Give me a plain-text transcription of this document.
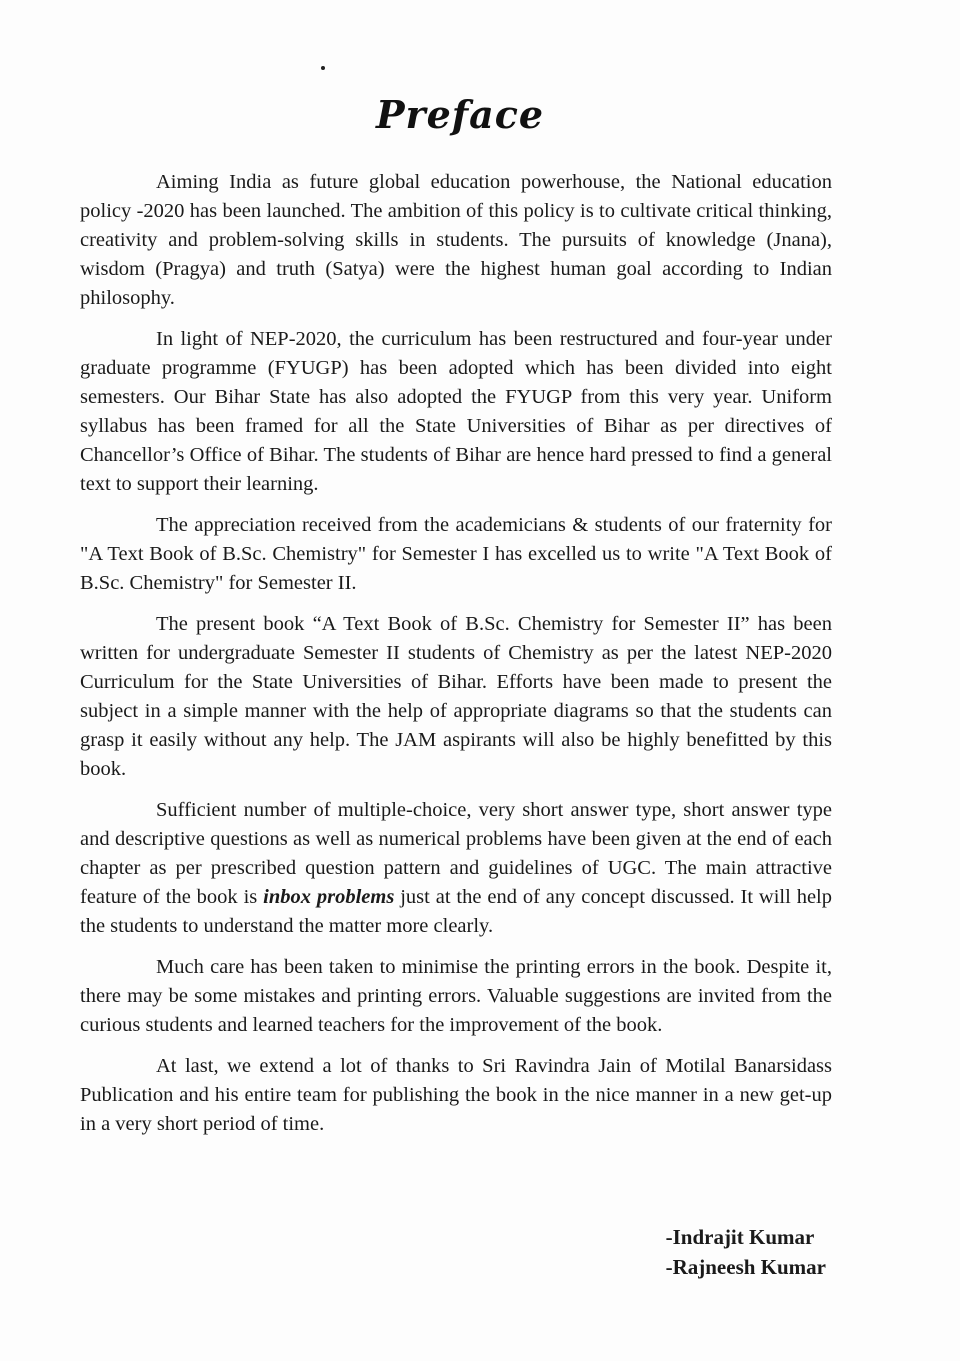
Preface

Aiming India as future global education powerhouse, the National education policy -2020 has been launched. The ambition of this policy is to cultivate critical thinking, creativity and problem-solving skills in students. The pursuits of knowledge (Jnana), wisdom (Pragya) and truth (Satya) were the highest human goal according to Indian philosophy.

In light of NEP-2020, the curriculum has been restructured and four-year under graduate programme (FYUGP) has been adopted which has been divided into eight semesters. Our Bihar State has also adopted the FYUGP from this very year. Uniform syllabus has been framed for all the State Universities of Bihar as per directives of Chancellor’s Office of Bihar. The students of Bihar are hence hard pressed to find a general text to support their learning.

The appreciation received from the academicians & students of our fraternity for "A Text Book of B.Sc. Chemistry" for Semester I has excelled us to write "A Text Book of B.Sc. Chemistry" for Semester II.

The present book “A Text Book of B.Sc. Chemistry for Semester II” has been written for undergraduate Semester II students of Chemistry as per the latest NEP-2020 Curriculum for the State Universities of Bihar. Efforts have been made to present the subject in a simple manner with the help of appropriate diagrams so that the students can grasp it easily without any help. The JAM aspirants will also be highly benefitted by this book.

Sufficient number of multiple-choice, very short answer type, short answer type and descriptive questions as well as numerical problems have been given at the end of each chapter as per prescribed question pattern and guidelines of UGC. The main attractive feature of the book is inbox problems just at the end of any concept discussed. It will help the students to understand the matter more clearly.

Much care has been taken to minimise the printing errors in the book. Despite it, there may be some mistakes and printing errors. Valuable suggestions are invited from the curious students and learned teachers for the improvement of the book.

At last, we extend a lot of thanks to Sri Ravindra Jain of Motilal Banarsidass Publication and his entire team for publishing the book in the nice manner in a new get-up in a very short period of time.

-Indrajit Kumar
-Rajneesh Kumar
